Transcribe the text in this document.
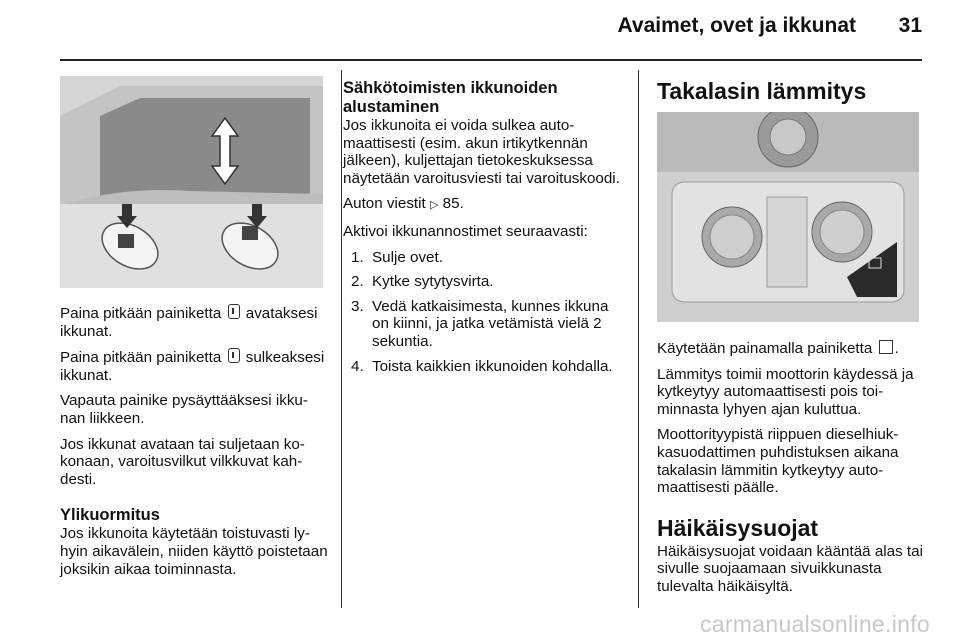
Avaimet, ovet ja ikkunat 31

Paina pitkään painiketta avataksesi ikkunat.

Paina pitkään painiketta sulkeaksesi ikkunat.

Vapauta painike pysäyttääksesi ikkunan liikkeen.

Jos ikkunat avataan tai suljetaan kokonaan, varoitusvilkut vilkkuvat kahdesti.

Ylikuormitus

Jos ikkunoita käytetään toistuvasti lyhyin aikavälein, niiden käyttö poistetaan joksikin aikaa toiminnasta.

Sähkötoimisten ikkunoiden alustaminen

Jos ikkunoita ei voida sulkea automaattisesti (esim. akun irtikytkennän jälkeen), kuljettajan tietokeskuksessa näytetään varoitusviesti tai varoituskoodi.

Auton viestit ▷ 85.

Aktivoi ikkunannostimet seuraavasti:

1. Sulje ovet.
2. Kytke sytytysvirta.
3. Vedä katkaisimesta, kunnes ikkuna on kiinni, ja jatka vetämistä vielä 2 sekuntia.
4. Toista kaikkien ikkunoiden kohdalla.
Takalasin lämmitys

Käytetään painamalla painiketta .

Lämmitys toimii moottorin käydessä ja kytkeytyy automaattisesti pois toiminnasta lyhyen ajan kuluttua.

Moottorityypistä riippuen dieselhiukkasuodattimen puhdistuksen aikana takalasin lämmitin kytkeytyy automaattisesti päälle.

Häikäisysuojat

Häikäisysuojat voidaan kääntää alas tai sivulle suojaamaan sivuikkunasta tulevalta häikäisyltä.

carmanualsonline.info
